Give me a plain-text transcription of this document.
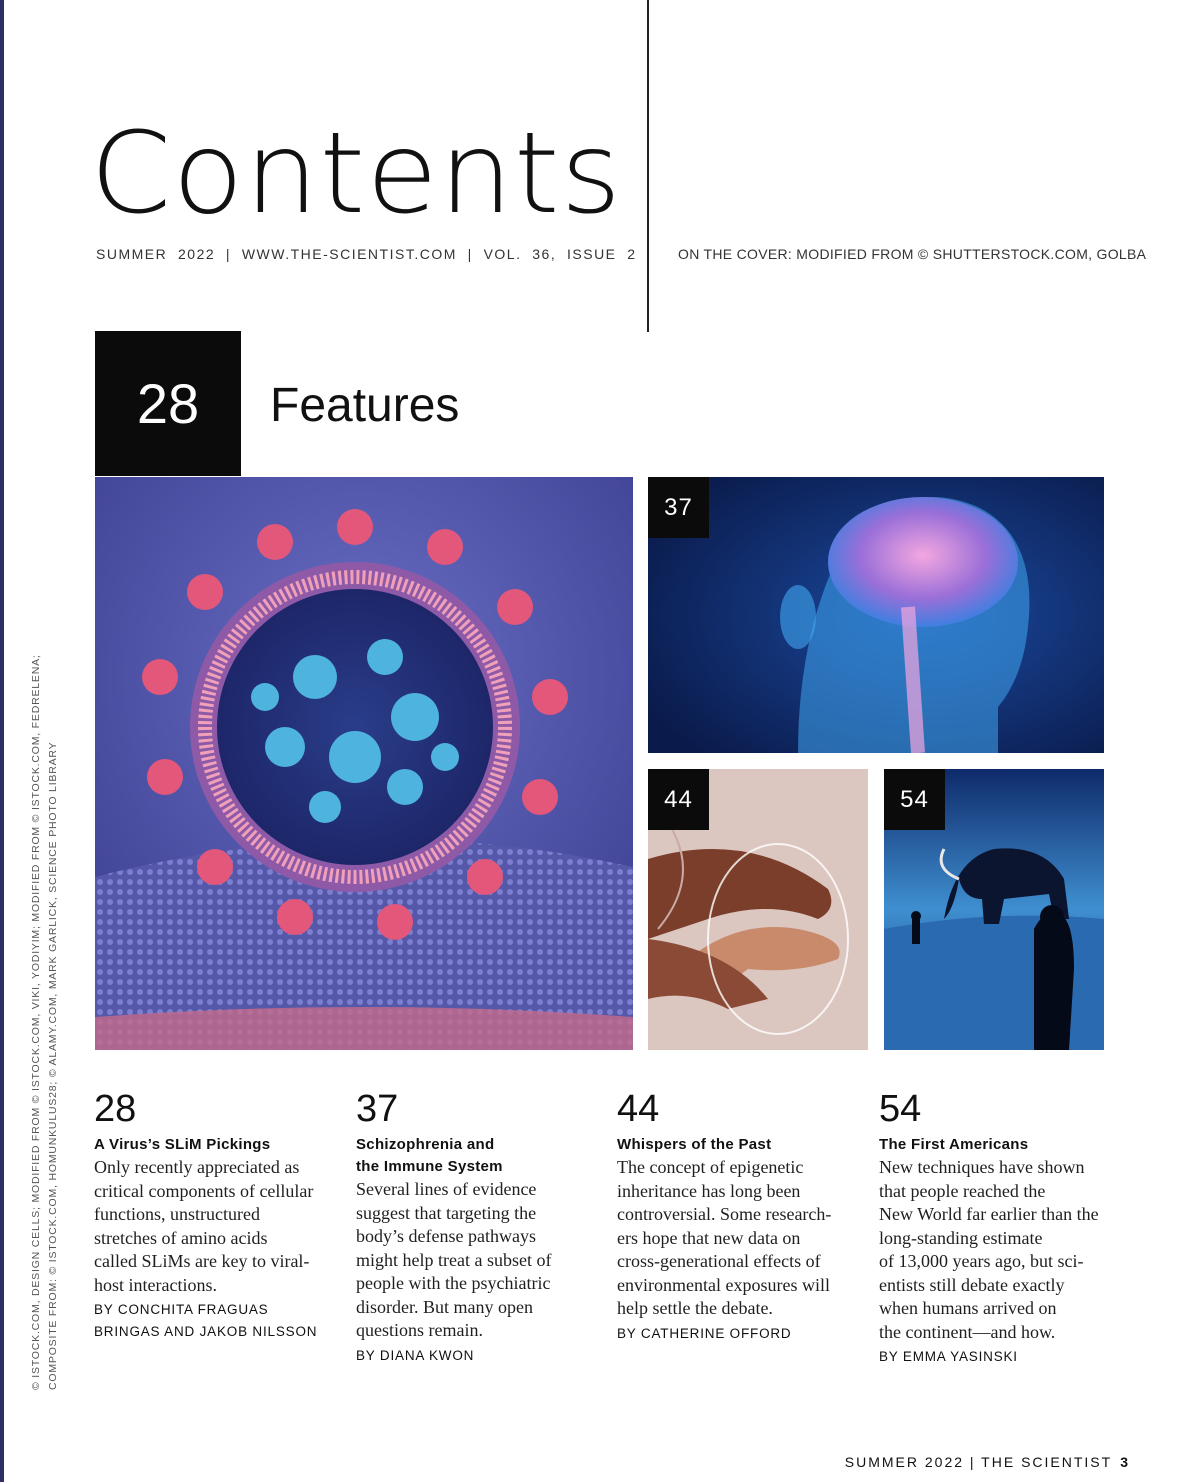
Contents
SUMMER  2022  |  WWW.THE-SCIENTIST.COM  |  VOL.  36,  ISSUE  2	ON THE COVER: MODIFIED FROM © SHUTTERSTOCK.COM, GOLBA
28	Features
© ISTOCK.COM, DESIGN CELLS; MODIFIED FROM © ISTOCK.COM, VIKI, YODIYIM; MODIFIED FROM © ISTOCK.COM, FEDRELENA; COMPOSITE FROM: © ISTOCK.COM, HOMUNKULUS28; © ALAMY.COM, MARK GARLICK, SCIENCE PHOTO LIBRARY
37
44	54
28
A Virus’s SLiM Pickings
Only recently appreciated as
critical components of cellular
functions, unstructured
stretches of amino acids
called SLiMs are key to viral-
host interactions.
BY CONCHITA FRAGUAS
BRINGAS AND JAKOB NILSSON
37
Schizophrenia and
the Immune System
Several lines of evidence
suggest that targeting the
body’s defense pathways
might help treat a subset of
people with the psychiatric
disorder. But many open
questions remain.
BY DIANA KWON
44
Whispers of the Past
The concept of epigenetic
inheritance has long been
controversial. Some research-
ers hope that new data on
cross-generational effects of
environmental exposures will
help settle the debate.
BY CATHERINE OFFORD
54
The First Americans
New techniques have shown
that people reached the
New World far earlier than the
long-standing estimate
of 13,000 years ago, but sci-
entists still debate exactly
when humans arrived on
the continent—and how.
BY EMMA YASINSKI
SUMMER 2022 | THE SCIENTIST 3
